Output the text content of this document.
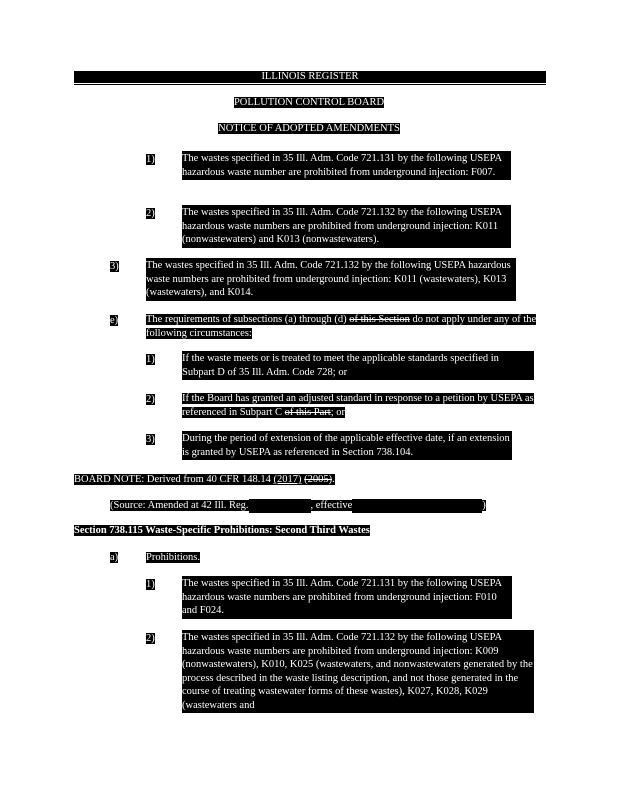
ILLINOIS REGISTER
POLLUTION CONTROL BOARD
NOTICE OF ADOPTED AMENDMENTS
1)	The wastes specified in 35 Ill. Adm. Code 721.131 by the following USEPA hazardous waste number are prohibited from underground injection: F007.
2)	The wastes specified in 35 Ill. Adm. Code 721.132 by the following USEPA hazardous waste numbers are prohibited from underground injection: K011 (nonwastewaters) and K013 (nonwastewaters).
3)	The wastes specified in 35 Ill. Adm. Code 721.132 by the following USEPA hazardous waste numbers are prohibited from underground injection: K011 (wastewaters), K013 (wastewaters), and K014.
e)	The requirements of subsections (a) through (d) of this Section do not apply under any of the following circumstances:
1)	If the waste meets or is treated to meet the applicable standards specified in Subpart D of 35 Ill. Adm. Code 728; or
2)	If the Board has granted an adjusted standard in response to a petition by USEPA as referenced in Subpart C of this Part; or
3)	During the period of extension of the applicable effective date, if an extension is granted by USEPA as referenced in Section 738.104.
BOARD NOTE: Derived from 40 CFR 148.14 (2017) (2005).
(Source: Amended at 42 Ill. Reg.	, effective	)
Section 738.115 Waste-Specific Prohibitions: Second Third Wastes
a)	Prohibitions.
1)	The wastes specified in 35 Ill. Adm. Code 721.131 by the following USEPA hazardous waste numbers are prohibited from underground injection: F010 and F024.
2)	The wastes specified in 35 Ill. Adm. Code 721.132 by the following USEPA hazardous waste numbers are prohibited from underground injection: K009 (nonwastewaters), K010, K025 (wastewaters, and nonwastewaters generated by the process described in the waste listing description, and not those generated in the course of treating wastewater forms of these wastes), K027, K028, K029 (wastewaters and
